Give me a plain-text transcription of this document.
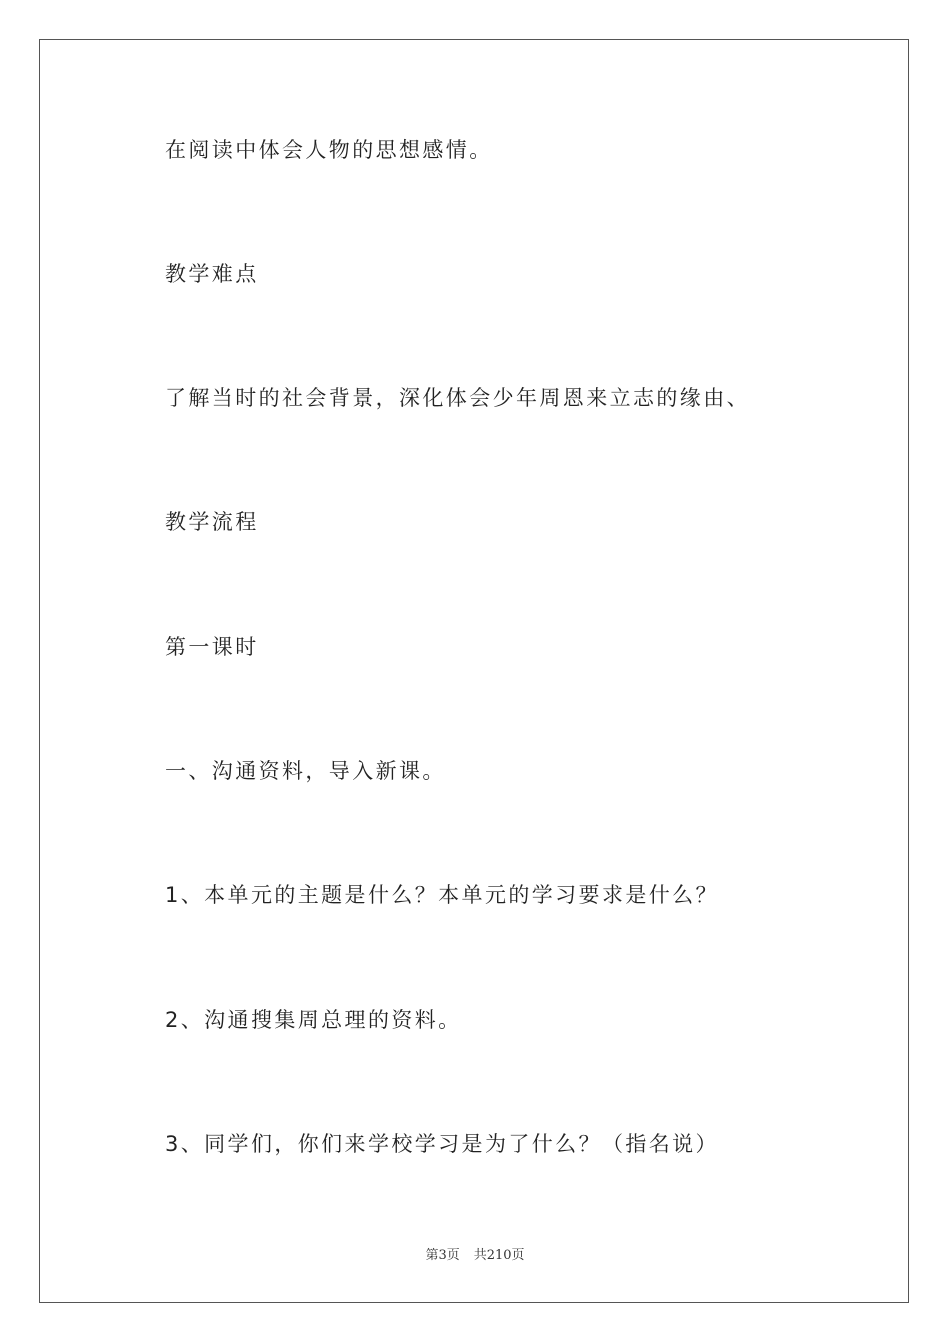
在阅读中体会人物的思想感情。
教学难点
了解当时的社会背景，深化体会少年周恩来立志的缘由、
教学流程
第一课时
一、沟通资料，导入新课。
1、本单元的主题是什么？本单元的学习要求是什么？
2、沟通搜集周总理的资料。
3、同学们，你们来学校学习是为了什么？（指名说）
第3页 共210页
